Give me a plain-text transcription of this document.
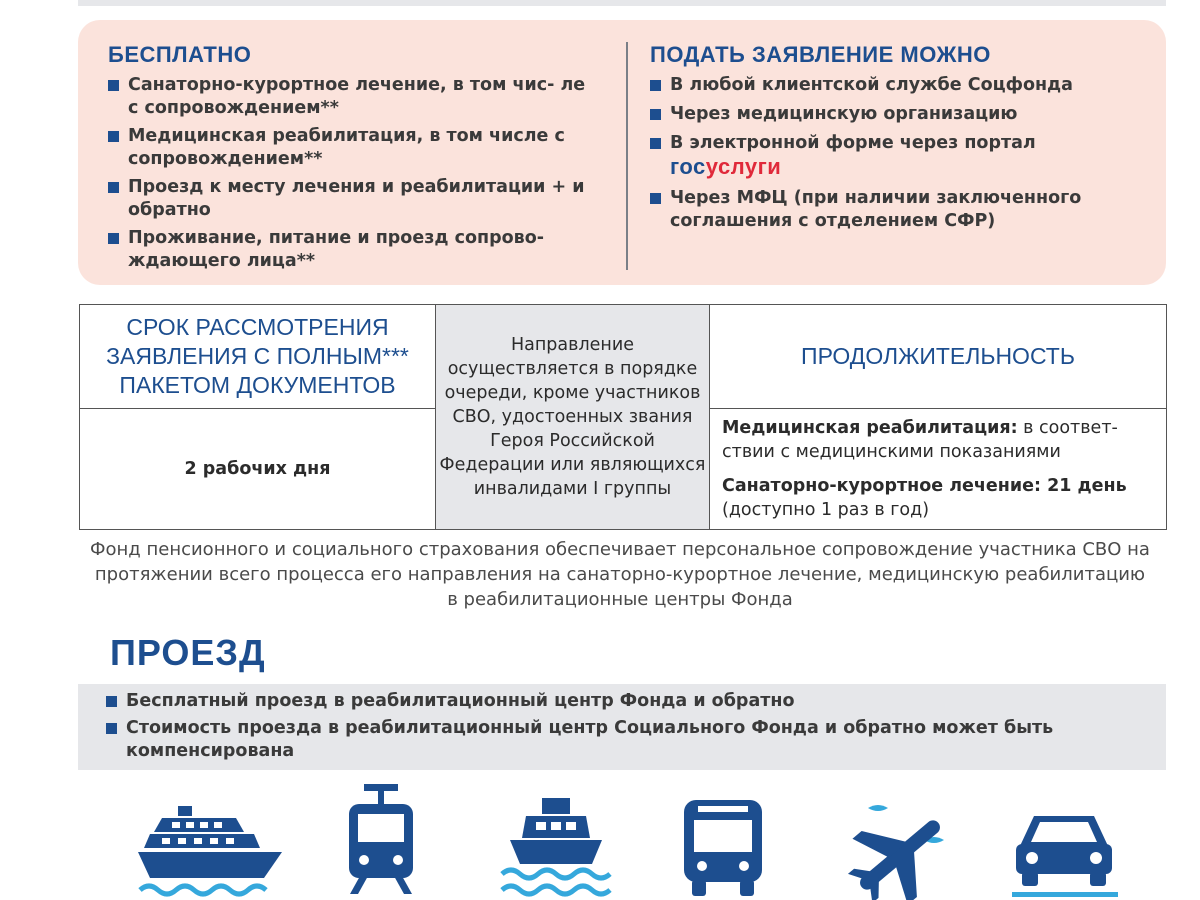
БЕСПЛАТНО
Санаторно-курортное лечение, в том чис- ле с сопровождением**
Медицинская реабилитация, в том числе с сопровождением**
Проезд к месту лечения и реабилитации + и обратно
Проживание, питание и проезд сопрово- ждающего лица**
ПОДАТЬ ЗАЯВЛЕНИЕ МОЖНО
В любой клиентской службе Соцфонда
Через медицинскую организацию
В электронной форме через портал
госуслуги
Через МФЦ (при наличии заключенного соглашения с отделением СФР)
СРОК РАССМОТРЕНИЯ ЗАЯВЛЕНИЯ С ПОЛНЫМ*** ПАКЕТОМ ДОКУМЕНТОВ	Направление осуществляется в порядке очереди, кроме участников СВО, удостоенных звания Героя Российской Федерации или являющихся инвалидами I группы	ПРОДОЛЖИТЕЛЬНОСТЬ
2 рабочих дня		Медицинская реабилитация: в соответ- ствии с медицинскими показаниями

Санаторно-курортное лечение: 21 день (доступно 1 раз в год)

Фонд пенсионного и социального страхования обеспечивает персональное сопровождение участника СВО на протяжении всего процесса его направления на санаторно-курортное лечение, медицинскую реабилитацию в реабилитационные центры Фонда
ПРОЕЗД
Бесплатный проезд в реабилитационный центр Фонда и обратно
Стоимость проезда в реабилитационный центр Социального Фонда и обратно может быть компенсирована
